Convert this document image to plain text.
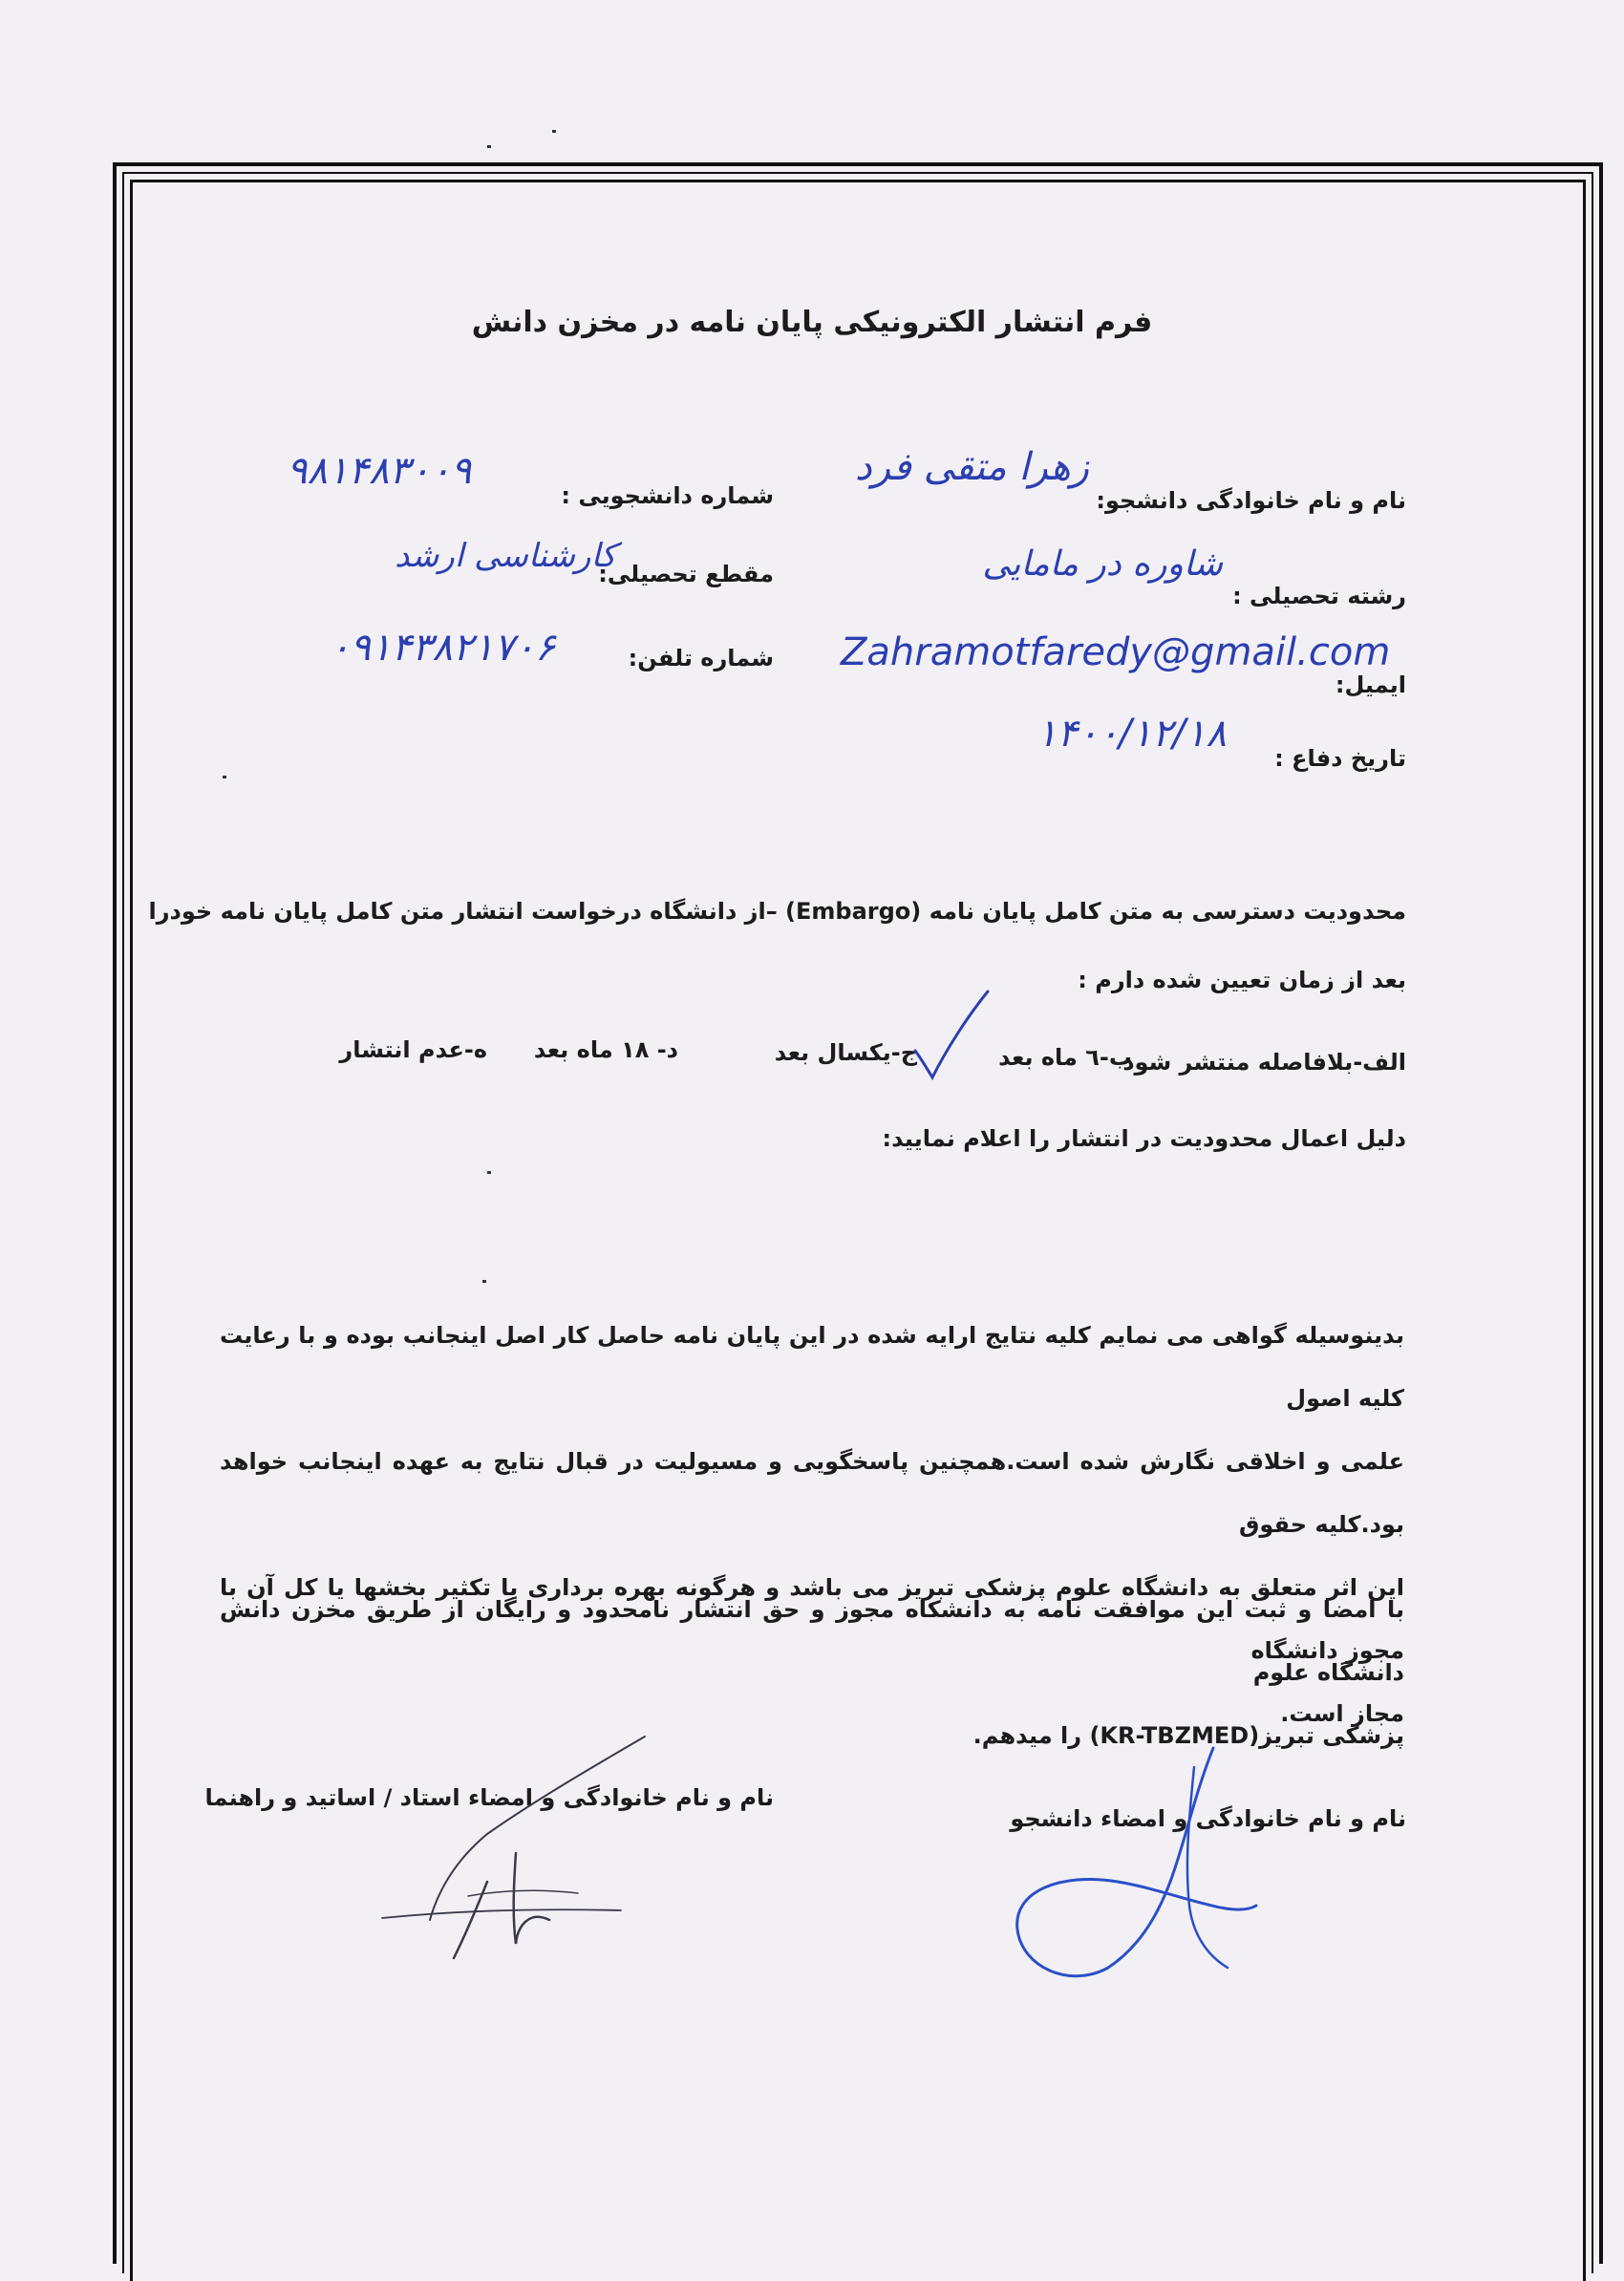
فرم انتشار الکترونیکی پایان نامه در مخزن دانش
نام و نام خانوادگی دانشجو:
زهرا متقی فرد
شماره دانشجویی :
۹۸۱۴۸۳۰۰۹
رشته تحصیلی :
شاوره در مامایی
مقطع تحصیلی:
کارشناسی ارشد
ایمیل:
Zahramotfaredy@gmail.com
شماره تلفن:
۰۹۱۴۳۸۲۱۷۰۶
تاریخ دفاع :
۱۴۰۰/۱۲/۱۸
محدودیت دسترسی به متن کامل پایان نامه (Embargo) –از دانشگاه درخواست انتشار متن کامل پایان نامه خودرا
بعد از زمان تعیین شده دارم :
الف-بلافاصله منتشر شود
ب-٦ ماه بعد
ج-یکسال بعد
د- ۱۸ ماه بعد
ه-عدم انتشار
دلیل اعمال محدودیت در انتشار را اعلام نمایید:
بدینوسیله گواهی می نمایم کلیه نتایج ارایه شده در این پایان نامه حاصل کار اصل اینجانب بوده و با رعایت کلیه اصول
علمی و اخلاقی نگارش شده است.همچنین پاسخگویی و مسیولیت در قبال نتایج به عهده اینجانب خواهد بود.کلیه حقوق
این اثر متعلق به دانشگاه علوم پزشکی تبریز می باشد و هرگونه بهره برداری یا تکثیر بخشها یا کل آن با مجوز دانشگاه
مجاز است.
با امضا و ثبت این موافقت نامه به دانشکاه مجوز و حق انتشار نامحدود و رایگان از طریق مخزن دانش دانشگاه علوم
پزشکی تبریز(KR-TBZMED) را میدهم.
نام و نام خانوادگی و امضاء دانشجو
نام و نام خانوادگی و امضاء استاد / اساتید و راهنما
